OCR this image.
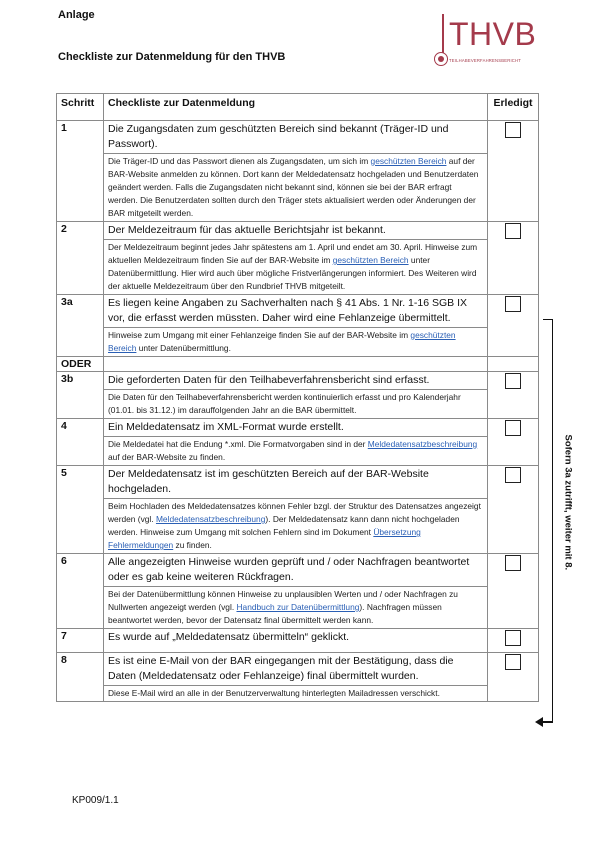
Anlage
Checkliste zur Datenmeldung für den THVB
THVB
TEILHABEVERFAHRENSBERICHT
Schritt	Checkliste zur Datenmeldung	Erledigt
1	Die Zugangsdaten zum geschützten Bereich sind bekannt (Träger-ID und Passwort).	
	Die Träger-ID und das Passwort dienen als Zugangsdaten, um sich im geschützten Bereich auf der BAR-Website anmelden zu können. Dort kann der Meldedatensatz hochgeladen und Benutzerdaten geändert werden. Falls die Zugangsdaten nicht bekannt sind, können sie bei der BAR erfragt werden. Die Benutzerdaten sollten durch den Träger stets aktualisiert werden oder Änderungen der BAR mitgeteilt werden.	
2	Der Meldezeitraum für das aktuelle Berichtsjahr ist bekannt.	
	Der Meldezeitraum beginnt jedes Jahr spätestens am 1. April und endet am 30. April. Hinweise zum aktuellen Meldezeitraum finden Sie auf der BAR-Website im geschützten Bereich unter Datenübermittlung. Hier wird auch über mögliche Fristverlängerungen informiert. Des Weiteren wird der aktuelle Meldezeitraum über den Rundbrief THVB mitgeteilt.	
3a	Es liegen keine Angaben zu Sachverhalten nach § 41 Abs. 1 Nr. 1-16 SGB IX vor, die erfasst werden müssten. Daher wird eine Fehlanzeige übermittelt.	
	Hinweise zum Umgang mit einer Fehlanzeige finden Sie auf der BAR-Website im geschützten Bereich unter Datenübermittlung.	
ODER		
3b	Die geforderten Daten für den Teilhabeverfahrensbericht sind erfasst.	
	Die Daten für den Teilhabeverfahrensbericht werden kontinuierlich erfasst und pro Kalenderjahr (01.01. bis 31.12.) im darauffolgenden Jahr an die BAR übermittelt.	
4	Ein Meldedatensatz im XML-Format wurde erstellt.	
	Die Meldedatei hat die Endung *.xml. Die Formatvorgaben sind in der Meldedatensatzbeschreibung auf der BAR-Website zu finden.	
5	Der Meldedatensatz ist im geschützten Bereich auf der BAR-Website hochgeladen.	
	Beim Hochladen des Meldedatensatzes können Fehler bzgl. der Struktur des Datensatzes angezeigt werden (vgl. Meldedatensatzbeschreibung). Der Meldedatensatz kann dann nicht hochgeladen werden. Hinweise zum Umgang mit solchen Fehlern sind im Dokument Übersetzung Fehlermeldungen zu finden.	
6	Alle angezeigten Hinweise wurden geprüft und / oder Nachfragen beantwortet oder es gab keine weiteren Rückfragen.	
	Bei der Datenübermittlung können Hinweise zu unplausiblen Werten und / oder Nachfragen zu Nullwerten angezeigt werden (vgl. Handbuch zur Datenübermittlung). Nachfragen müssen beantwortet werden, bevor der Datensatz final übermittelt werden kann.	
7	Es wurde auf „Meldedatensatz übermitteln“ geklickt.	
8	Es ist eine E-Mail von der BAR eingegangen mit der Bestätigung, dass die Daten (Meldedatensatz oder Fehlanzeige) final übermittelt wurden.	
	Diese E-Mail wird an alle in der Benutzerverwaltung hinterlegten Mailadressen verschickt.	
Sofern 3a zutrifft, weiter mit 8.
KP009/1.1
